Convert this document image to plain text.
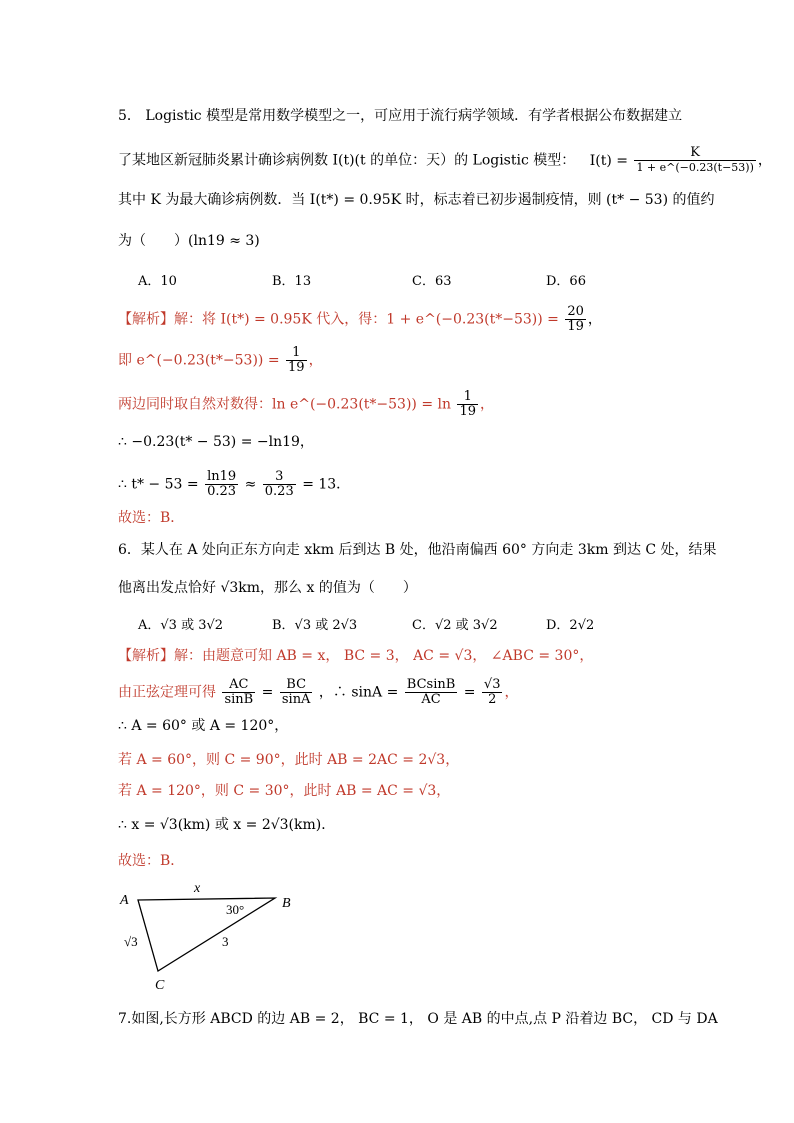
5． Logistic 模型是常用数学模型之一，可应用于流行病学领域．有学者根据公布数据建立
了某地区新冠肺炎累计确诊病例数 I(t)(t 的单位：天）的 Logistic 模型： $I(t) = \frac{K}{1 + e\^{}(-0.23(t-53))}$ ，
其中 K 为最大确诊病例数．当 I(t*) = 0.95K 时，标志着已初步遏制疫情，则 (t* − 53) 的值约
为（　　）(ln19 ≈ 3)
A．10	B．13	C．63	D．66
【解析】解：将 I(t*) = 0.95K 代入，得：1 + e^(−0.23(t*−53)) = $\frac{20}{19}$ ，
即 e^(−0.23(t*−53)) = $\frac{1}{19}$ ，
两边同时取自然对数得：ln e^(−0.23(t*−53)) = $\ln \frac{1}{19}$ ，
∴ −0.23(t* − 53) = −ln19，
∴ $t* - 53 = \frac{\ln 19}{0.23} \approx \frac{3}{0.23} = 13$．
故选：B．
6．某人在 A 处向正东方向走 xkm 后到达 B 处，他沿南偏西 60° 方向走 3km 到达 C 处，结果
他离出发点恰好 √3km，那么 x 的值为（　　）
A．√3 或 3√2	B．√3 或 2√3	C．√2 或 3√2	D．2√2
【解析】解：由题意可知 AB = x， BC = 3， AC = √3， ∠ABC = 30°，
由正弦定理可得 $\frac{AC}{\sin B} = \frac{BC}{\sin A}$ ，∴ $\sin A = \frac{BCsinB}{AC} = \frac{√3}{2}$ ，
∴ A = 60° 或 A = 120°，
若 A = 60°，则 C = 90°，此时 AB = 2AC = 2√3，
若 A = 120°，则 C = 30°，此时 AB = AC = √3，
∴ x = √3(km) 或 x = 2√3(km)．
故选：B．
A	B
C
x
30°
3
√3
7.如图,长方形 ABCD 的边 AB = 2， BC = 1， O 是 AB 的中点,点 P 沿着边 BC， CD 与 DA
